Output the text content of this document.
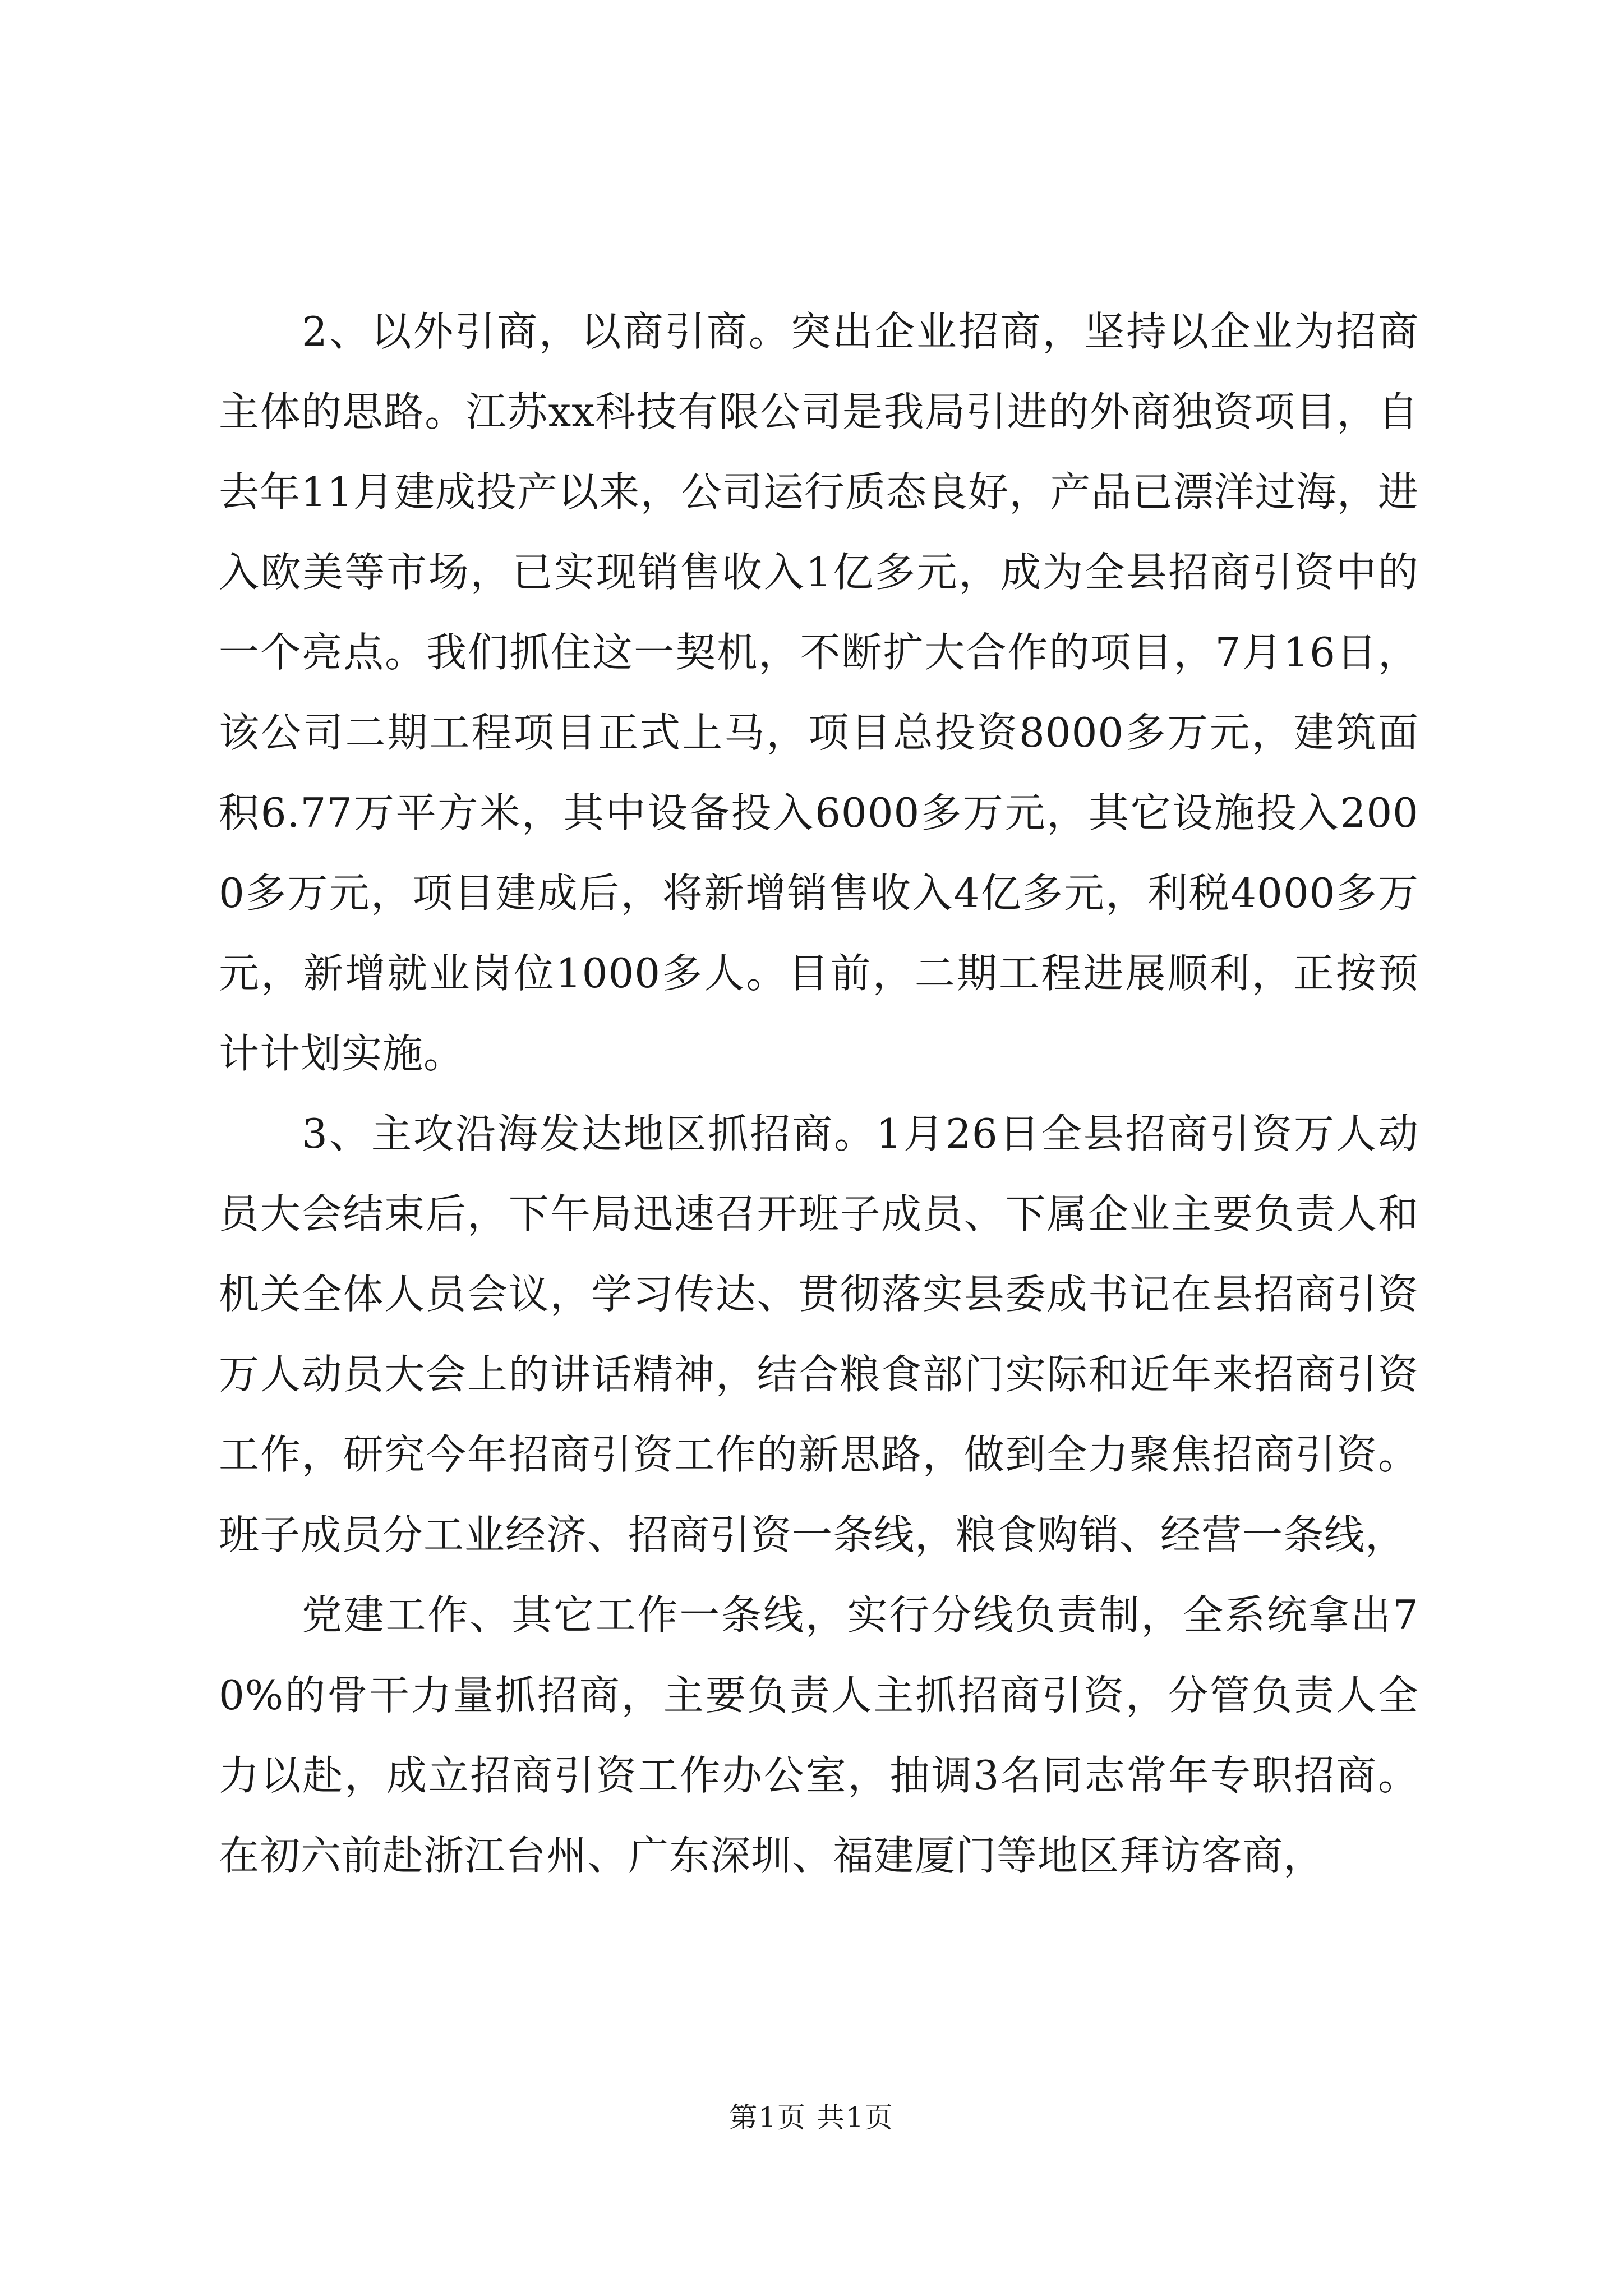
2、以外引商，以商引商。突出企业招商，坚持以企业为招商主体的思路。江苏xx科技有限公司是我局引进的外商独资项目，自去年11月建成投产以来，公司运行质态良好，产品已漂洋过海，进入欧美等市场，已实现销售收入1亿多元，成为全县招商引资中的一个亮点。我们抓住这一契机，不断扩大合作的项目，7月16日，该公司二期工程项目正式上马，项目总投资8000多万元，建筑面积6.77万平方米，其中设备投入6000多万元，其它设施投入2000多万元，项目建成后，将新增销售收入4亿多元，利税4000多万元，新增就业岗位1000多人。目前，二期工程进展顺利，正按预计计划实施。

3、主攻沿海发达地区抓招商。1月26日全县招商引资万人动员大会结束后，下午局迅速召开班子成员、下属企业主要负责人和机关全体人员会议，学习传达、贯彻落实县委成书记在县招商引资万人动员大会上的讲话精神，结合粮食部门实际和近年来招商引资工作，研究今年招商引资工作的新思路，做到全力聚焦招商引资。班子成员分工业经济、招商引资一条线，粮食购销、经营一条线，

党建工作、其它工作一条线，实行分线负责制，全系统拿出70%的骨干力量抓招商，主要负责人主抓招商引资，分管负责人全力以赴，成立招商引资工作办公室，抽调3名同志常年专职招商。在初六前赴浙江台州、广东深圳、福建厦门等地区拜访客商，

第1页 共1页
